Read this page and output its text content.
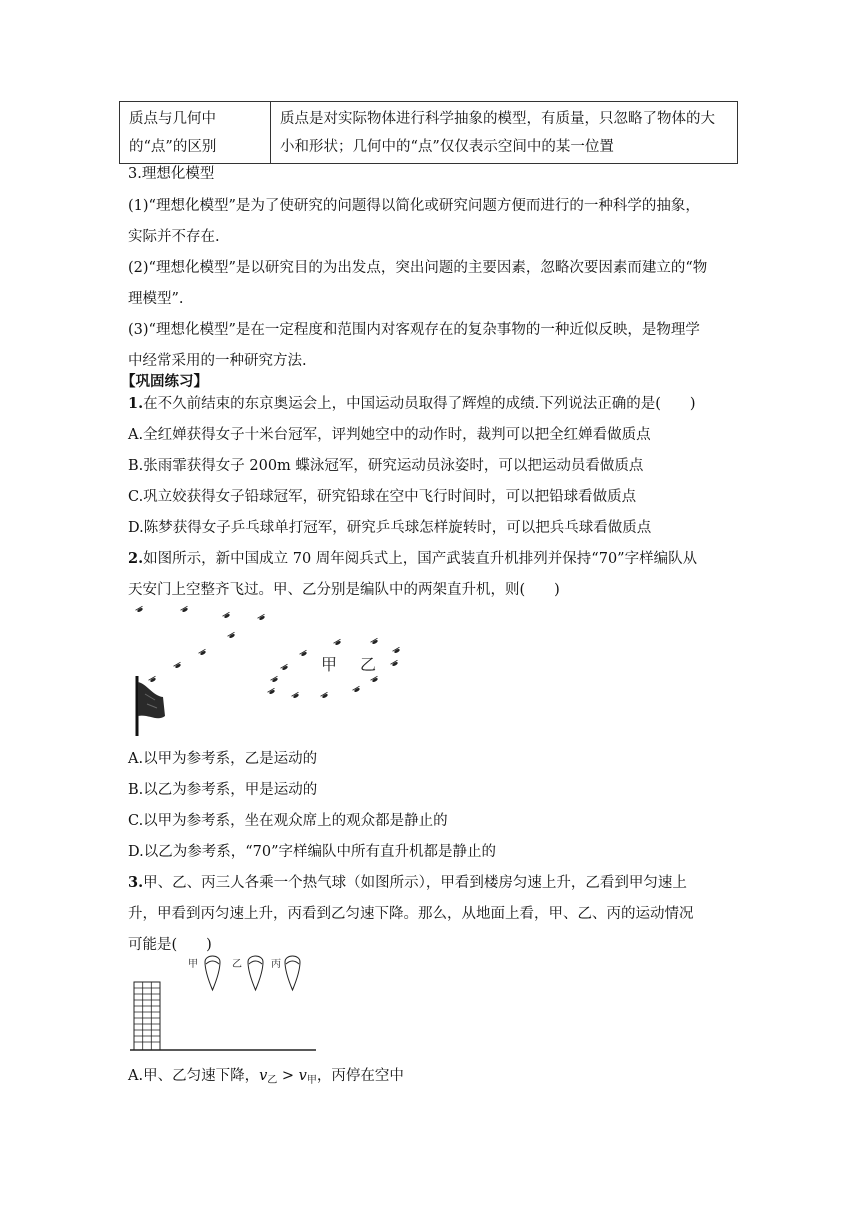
质点与几何中的“点”的区别	质点是对实际物体进行科学抽象的模型，有质量，只忽略了物体的大小和形状；几何中的“点”仅仅表示空间中的某一位置
3.理想化模型
(1)“理想化模型”是为了使研究的问题得以简化或研究问题方便而进行的一种科学的抽象，
实际并不存在.
(2)“理想化模型”是以研究目的为出发点，突出问题的主要因素，忽略次要因素而建立的“物
理模型”.
(3)“理想化模型”是在一定程度和范围内对客观存在的复杂事物的一种近似反映，是物理学
中经常采用的一种研究方法.
【巩固练习】
1.在不久前结束的东京奥运会上，中国运动员取得了辉煌的成绩.下列说法正确的是(　　)
A.全红婵获得女子十米台冠军，评判她空中的动作时，裁判可以把全红婵看做质点
B.张雨霏获得女子 200m 蝶泳冠军，研究运动员泳姿时，可以把运动员看做质点
C.巩立姣获得女子铅球冠军，研究铅球在空中飞行时间时，可以把铅球看做质点
D.陈梦获得女子乒乓球单打冠军，研究乒乓球怎样旋转时，可以把兵乓球看做质点
2.如图所示，新中国成立 70 周年阅兵式上，国产武装直升机排列并保持“70”字样编队从
天安门上空整齐飞过。甲、乙分别是编队中的两架直升机，则(　　)
甲 乙
A.以甲为参考系，乙是运动的
B.以乙为参考系，甲是运动的
C.以甲为参考系，坐在观众席上的观众都是静止的
D.以乙为参考系，“70”字样编队中所有直升机都是静止的
3.甲、乙、丙三人各乘一个热气球（如图所示），甲看到楼房匀速上升，乙看到甲匀速上
升，甲看到丙匀速上升，丙看到乙匀速下降。那么，从地面上看，甲、乙、丙的运动情况
可能是(　　)
甲	乙	丙
A.甲、乙匀速下降，$v_乙 > v_甲$，丙停在空中
